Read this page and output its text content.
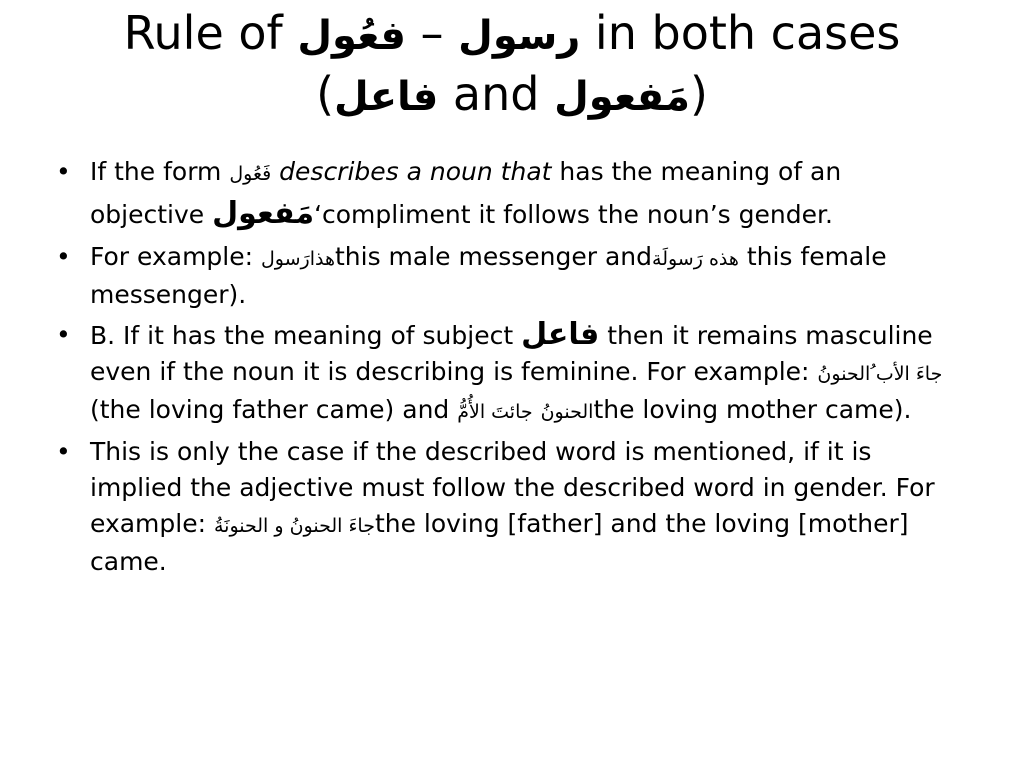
Rule of فعُول – رسول in both cases
(فاعل and مَفعول)
• If the form فَعُول describes a noun that has the meaning of an objective مَفعول‘compliment it follows the noun’s gender.
• For example: هذارَسولthis male messenger andهذه رَسولَة this female messenger).
• B. If it has the meaning of subject فاعل then it remains masculine even if the noun it is describing is feminine. For example: جاءَ الأب ُالحنونُ (the loving father came) and جائتَ الأُمُّ الحنونُthe loving mother came).
• This is only the case if the described word is mentioned, if it is implied the adjective must follow the described word in gender. For example: جاءَ الحنونُ و الحنونَةُthe loving [father] and the loving [mother] came.
